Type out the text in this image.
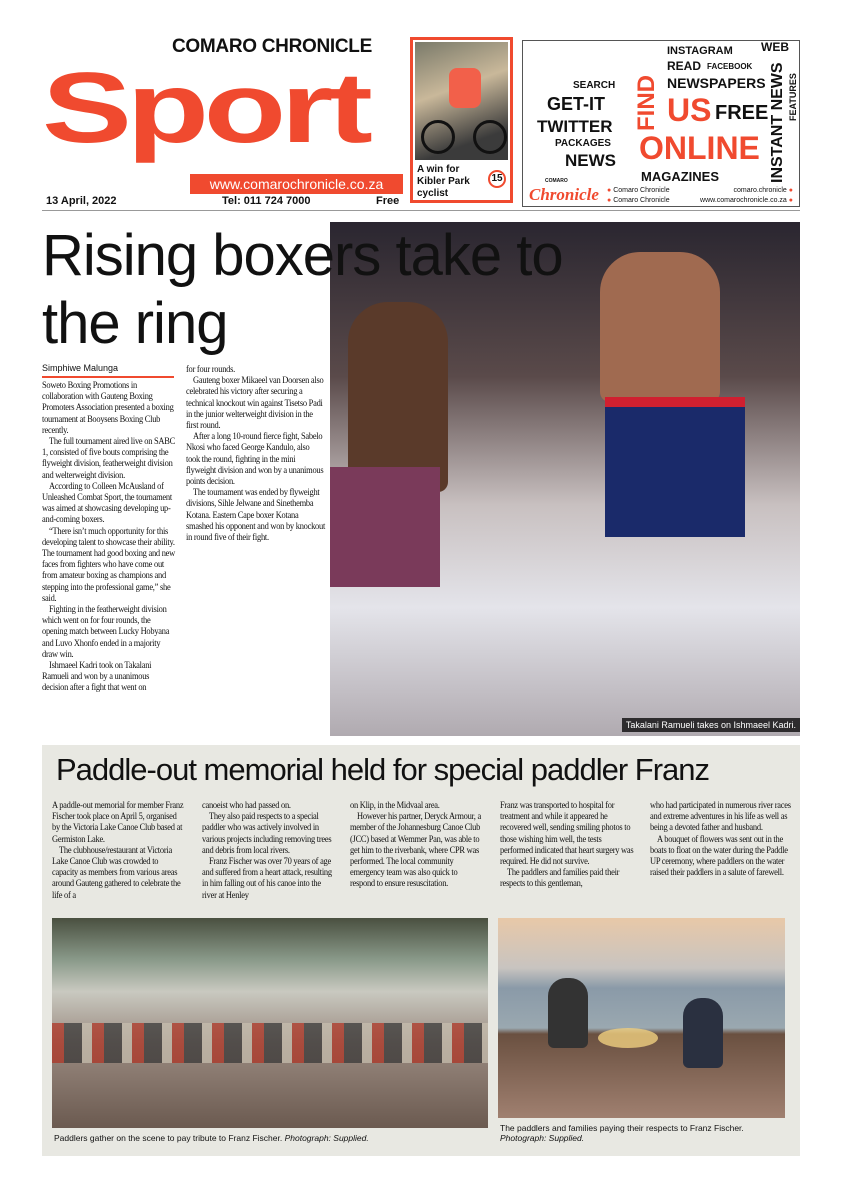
COMARO CHRONICLE
Sport
www.comarochronicle.co.za
13 April, 2022	Tel: 011 724 7000	Free
A win for Kibler Park cyclist
15
INSTAGRAM
READ FACEBOOK
NEWSPAPERS
SEARCH
GET-IT
TWITTER
PACKAGES
NEWS
FIND US FREE
ONLINE
MAGAZINES
WEB
INSTANT NEWS FEATURES
COMARO
Chronicle ● Comaro Chronicle
● Comaro Chronicle
comaro.chronicle ●
www.comarochronicle.co.za ●
Rising boxers take to the ring
Simphiwe Malunga

Soweto Boxing Promotions in collaboration with Gauteng Boxing Promoters Association presented a boxing tournament at Booysens Boxing Club recently.

The full tournament aired live on SABC 1, consisted of five bouts comprising the flyweight division, featherweight division and welterweight division.

According to Colleen McAusland of Unleashed Combat Sport, the tournament was aimed at showcasing developing up-and-coming boxers.

“There isn’t much opportunity for this developing talent to showcase their ability. The tournament had good boxing and new faces from fighters who have come out from amateur boxing as champions and stepping into the professional game,” she said.

Fighting in the featherweight division which went on for four rounds, the opening match between Lucky Hobyana and Luvo Xhonfo ended in a majority draw win.

Ishmaeel Kadri took on Takalani Ramueli and won by a unanimous decision after a fight that went on

for four rounds.

Gauteng boxer Mikaeel van Doorsen also celebrated his victory after securing a technical knockout win against Tisetso Padi in the junior welterweight division in the first round.

After a long 10-round fierce fight, Sabelo Nkosi who faced George Kandulo, also took the round, fighting in the mini flyweight division and won by a unanimous points decision.

The tournament was ended by flyweight divisions, Sihle Jelwane and Sinethemba Kotana. Eastern Cape boxer Kotana smashed his opponent and won by knockout in round five of their fight.

Takalani Ramueli takes on Ishmaeel Kadri.
Paddle-out memorial held for special paddler Franz

A paddle-out memorial for member Franz Fischer took place on April 5, organised by the Victoria Lake Canoe Club based at Germiston Lake.

The clubhouse/restaurant at Victoria Lake Canoe Club was crowded to capacity as members from various areas around Gauteng gathered to celebrate the life of a

canoeist who had passed on.

They also paid respects to a special paddler who was actively involved in various projects including removing trees and debris from local rivers.

Franz Fischer was over 70 years of age and suffered from a heart attack, resulting in him falling out of his canoe into the river at Henley

on Klip, in the Midvaal area.

However his partner, Deryck Armour, a member of the Johannesburg Canoe Club (JCC) based at Wemmer Pan, was able to get him to the riverbank, where CPR was performed. The local community emergency team was also quick to respond to ensure resuscitation.

Franz was transported to hospital for treatment and while it appeared he recovered well, sending smiling photos to those wishing him well, the tests performed indicated that heart surgery was required. He did not survive.

The paddlers and families paid their respects to this gentleman,

who had participated in numerous river races and extreme adventures in his life as well as being a devoted father and husband.

A bouquet of flowers was sent out in the boats to float on the water during the Paddle UP ceremony, where paddlers on the water raised their paddlers in a salute of farewell.

Paddlers gather on the scene to pay tribute to Franz Fischer. Photograph: Supplied.
The paddlers and families paying their respects to Franz Fischer.
Photograph: Supplied.
